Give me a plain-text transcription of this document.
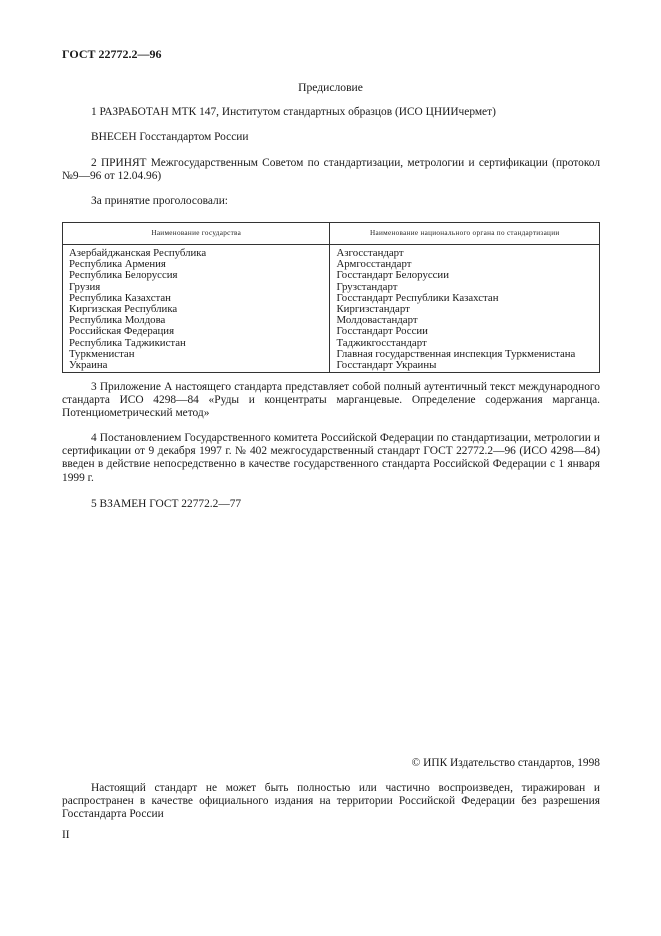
ГОСТ 22772.2—96
Предисловие
1 РАЗРАБОТАН МТК 147, Институтом стандартных образцов (ИСО ЦНИИчермет)
ВНЕСЕН Госстандартом России
2 ПРИНЯТ Межгосударственным Советом по стандартизации, метрологии и сертификации (протокол №9—96 от 12.04.96)
За принятие проголосовали:
Наименование государства	Наименование национального органа по стандартизации
Азербайджанская Республика	Азгосстандарт
Республика Армения	Армгосстандарт
Республика Белоруссия	Госстандарт Белоруссии
Грузия	Грузстандарт
Республика Казахстан	Госстандарт Республики Казахстан
Киргизская Республика	Киргизстандарт
Республика Молдова	Молдовастандарт
Российская Федерация	Госстандарт России
Республика Таджикистан	Таджикгосстандарт
Туркменистан	Главная государственная инспекция Туркменистана
Украина	Госстандарт Украины
3 Приложение А настоящего стандарта представляет собой полный аутентичный текст международного стандарта ИСО 4298—84 «Руды и концентраты марганцевые. Определение содержания марганца. Потенциометрический метод»
4 Постановлением Государственного комитета Российской Федерации по стандартизации, метрологии и сертификации от 9 декабря 1997 г. № 402 межгосударственный стандарт ГОСТ 22772.2—96 (ИСО 4298—84) введен в действие непосредственно в качестве государственного стандарта Российской Федерации с 1 января 1999 г.
5 ВЗАМЕН ГОСТ 22772.2—77
© ИПК Издательство стандартов, 1998
Настоящий стандарт не может быть полностью или частично воспроизведен, тиражирован и распространен в качестве официального издания на территории Российской Федерации без разрешения Госстандарта России
II
